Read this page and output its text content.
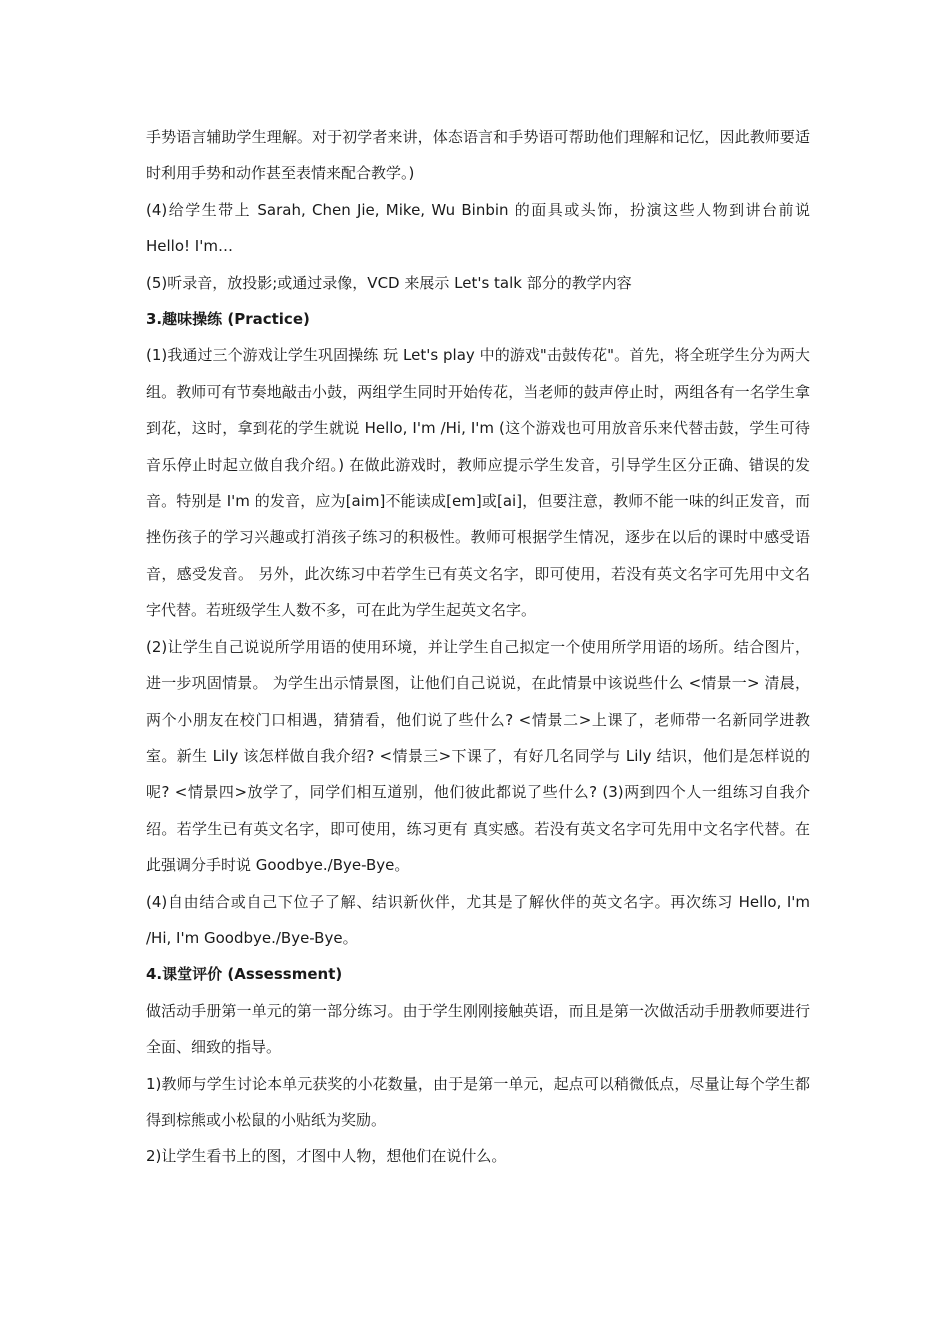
手势语言辅助学生理解。对于初学者来讲，体态语言和手势语可帮助他们理解和记忆，因此教师要适时利用手势和动作甚至表情来配合教学。)

(4)给学生带上 Sarah, Chen Jie, Mike, Wu Binbin 的面具或头饰，扮演这些人物到讲台前说 Hello! I'm…

(5)听录音，放投影;或通过录像，VCD 来展示 Let's talk 部分的教学内容

3.趣味操练 (Practice)

(1)我通过三个游戏让学生巩固操练 玩 Let's play 中的游戏"击鼓传花"。首先，将全班学生分为两大组。教师可有节奏地敲击小鼓，两组学生同时开始传花，当老师的鼓声停止时，两组各有一名学生拿到花，这时，拿到花的学生就说 Hello, I'm /Hi, I'm (这个游戏也可用放音乐来代替击鼓，学生可待音乐停止时起立做自我介绍。) 在做此游戏时，教师应提示学生发音，引导学生区分正确、错误的发音。特别是 I'm 的发音，应为[aim]不能读成[em]或[ai]，但要注意，教师不能一味的纠正发音，而挫伤孩子的学习兴趣或打消孩子练习的积极性。教师可根据学生情况，逐步在以后的课时中感受语音，感受发音。 另外，此次练习中若学生已有英文名字，即可使用，若没有英文名字可先用中文名字代替。若班级学生人数不多，可在此为学生起英文名字。

(2)让学生自己说说所学用语的使用环境，并让学生自己拟定一个使用所学用语的场所。结合图片，进一步巩固情景。 为学生出示情景图，让他们自己说说，在此情景中该说些什么 <情景一> 清晨，两个小朋友在校门口相遇，猜猜看，他们说了些什么? <情景二>上课了，老师带一名新同学进教室。新生 Lily 该怎样做自我介绍? <情景三>下课了，有好几名同学与 Lily 结识，他们是怎样说的呢? <情景四>放学了，同学们相互道别，他们彼此都说了些什么? (3)两到四个人一组练习自我介绍。若学生已有英文名字，即可使用，练习更有 真实感。若没有英文名字可先用中文名字代替。在此强调分手时说 Goodbye./Bye-Bye。

(4)自由结合或自己下位子了解、结识新伙伴，尤其是了解伙伴的英文名字。再次练习 Hello, I'm /Hi, I'm Goodbye./Bye-Bye。

4.课堂评价 (Assessment)

做活动手册第一单元的第一部分练习。由于学生刚刚接触英语，而且是第一次做活动手册教师要进行全面、细致的指导。

1)教师与学生讨论本单元获奖的小花数量，由于是第一单元，起点可以稍微低点，尽量让每个学生都得到棕熊或小松鼠的小贴纸为奖励。

2)让学生看书上的图，才图中人物，想他们在说什么。
